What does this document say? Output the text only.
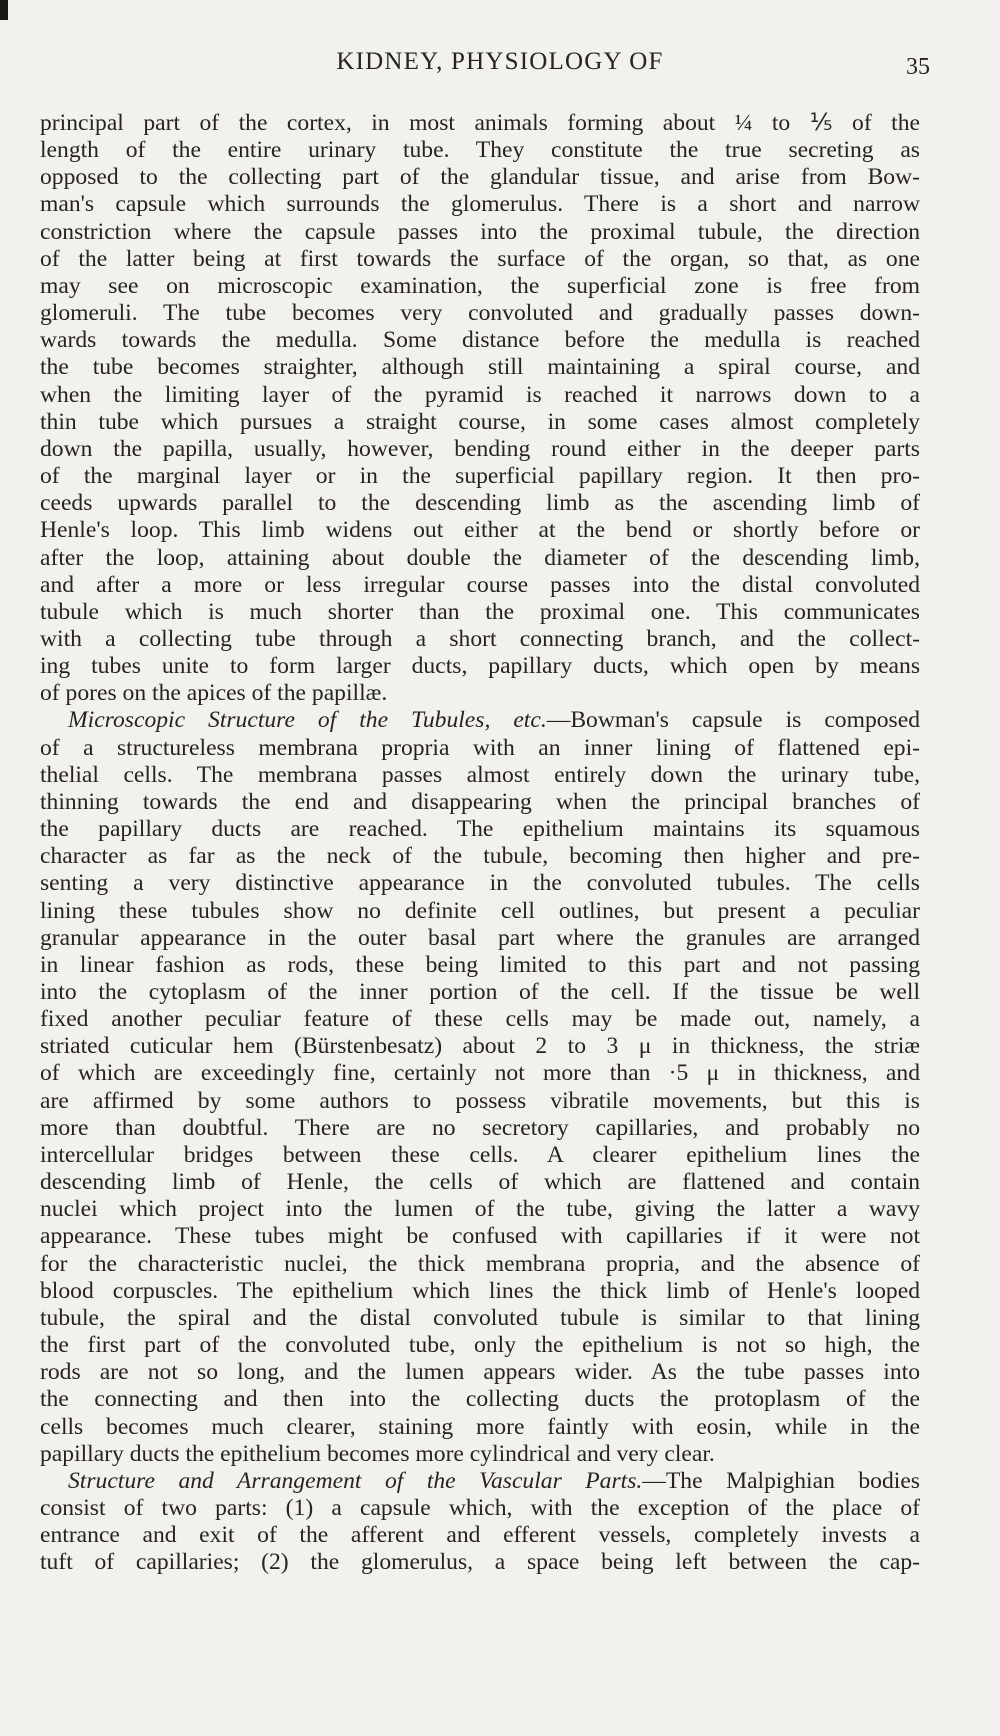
KIDNEY, PHYSIOLOGY OF	35
principal part of the cortex, in most animals forming about ¼ to ⅕ of the
length of the entire urinary tube. They constitute the true secreting as
opposed to the collecting part of the glandular tissue, and arise from Bow-
man's capsule which surrounds the glomerulus. There is a short and narrow
constriction where the capsule passes into the proximal tubule, the direction
of the latter being at first towards the surface of the organ, so that, as one
may see on microscopic examination, the superficial zone is free from
glomeruli. The tube becomes very convoluted and gradually passes down-
wards towards the medulla. Some distance before the medulla is reached
the tube becomes straighter, although still maintaining a spiral course, and
when the limiting layer of the pyramid is reached it narrows down to a
thin tube which pursues a straight course, in some cases almost completely
down the papilla, usually, however, bending round either in the deeper parts
of the marginal layer or in the superficial papillary region. It then pro-
ceeds upwards parallel to the descending limb as the ascending limb of
Henle's loop. This limb widens out either at the bend or shortly before or
after the loop, attaining about double the diameter of the descending limb,
and after a more or less irregular course passes into the distal convoluted
tubule which is much shorter than the proximal one. This communicates
with a collecting tube through a short connecting branch, and the collect-
ing tubes unite to form larger ducts, papillary ducts, which open by means
of pores on the apices of the papillæ.
Microscopic Structure of the Tubules, etc.—Bowman's capsule is composed
of a structureless membrana propria with an inner lining of flattened epi-
thelial cells. The membrana passes almost entirely down the urinary tube,
thinning towards the end and disappearing when the principal branches of
the papillary ducts are reached. The epithelium maintains its squamous
character as far as the neck of the tubule, becoming then higher and pre-
senting a very distinctive appearance in the convoluted tubules. The cells
lining these tubules show no definite cell outlines, but present a peculiar
granular appearance in the outer basal part where the granules are arranged
in linear fashion as rods, these being limited to this part and not passing
into the cytoplasm of the inner portion of the cell. If the tissue be well
fixed another peculiar feature of these cells may be made out, namely, a
striated cuticular hem (Bürstenbesatz) about 2 to 3 μ in thickness, the striæ
of which are exceedingly fine, certainly not more than ·5 μ in thickness, and
are affirmed by some authors to possess vibratile movements, but this is
more than doubtful. There are no secretory capillaries, and probably no
intercellular bridges between these cells. A clearer epithelium lines the
descending limb of Henle, the cells of which are flattened and contain
nuclei which project into the lumen of the tube, giving the latter a wavy
appearance. These tubes might be confused with capillaries if it were not
for the characteristic nuclei, the thick membrana propria, and the absence of
blood corpuscles. The epithelium which lines the thick limb of Henle's looped
tubule, the spiral and the distal convoluted tubule is similar to that lining
the first part of the convoluted tube, only the epithelium is not so high, the
rods are not so long, and the lumen appears wider. As the tube passes into
the connecting and then into the collecting ducts the protoplasm of the
cells becomes much clearer, staining more faintly with eosin, while in the
papillary ducts the epithelium becomes more cylindrical and very clear.
Structure and Arrangement of the Vascular Parts.—The Malpighian bodies
consist of two parts: (1) a capsule which, with the exception of the place of
entrance and exit of the afferent and efferent vessels, completely invests a
tuft of capillaries; (2) the glomerulus, a space being left between the cap-
